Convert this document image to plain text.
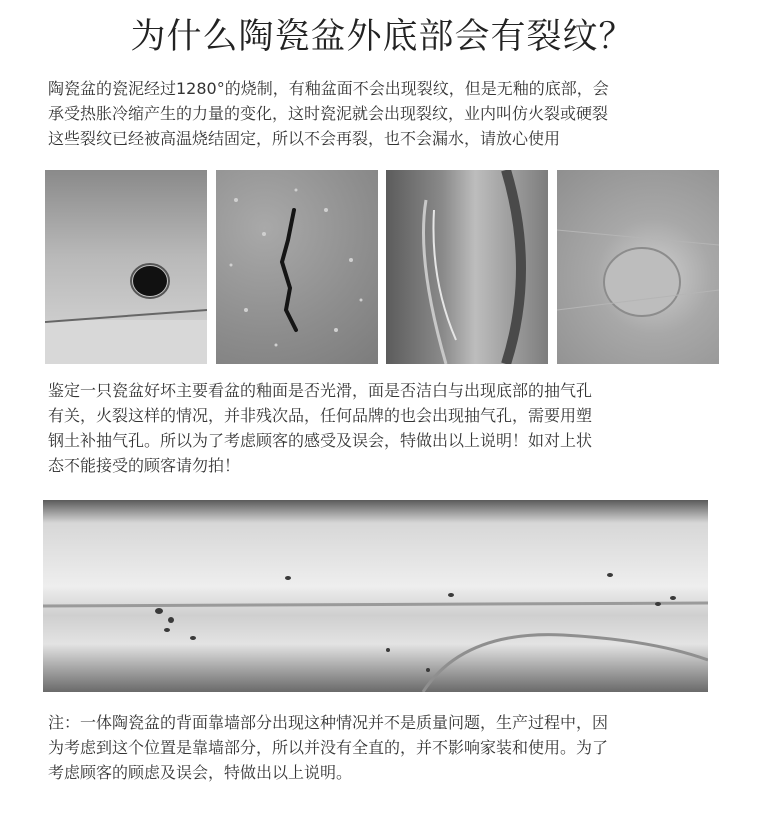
为什么陶瓷盆外底部会有裂纹？
陶瓷盆的瓷泥经过1280°的烧制，有釉盆面不会出现裂纹，但是无釉的底部，会
承受热胀冷缩产生的力量的变化，这时瓷泥就会出现裂纹，业内叫仿火裂或硬裂
这些裂纹已经被高温烧结固定，所以不会再裂，也不会漏水，请放心使用
鉴定一只瓷盆好坏主要看盆的釉面是否光滑，面是否洁白与出现底部的抽气孔
有关，火裂这样的情况，并非残次品，任何品牌的也会出现抽气孔，需要用塑
钢土补抽气孔。所以为了考虑顾客的感受及误会，特做出以上说明！如对上状
态不能接受的顾客请勿拍！
注：一体陶瓷盆的背面靠墙部分出现这种情况并不是质量问题，生产过程中，因
为考虑到这个位置是靠墙部分，所以并没有全直的，并不影响家装和使用。为了
考虑顾客的顾虑及误会，特做出以上说明。
